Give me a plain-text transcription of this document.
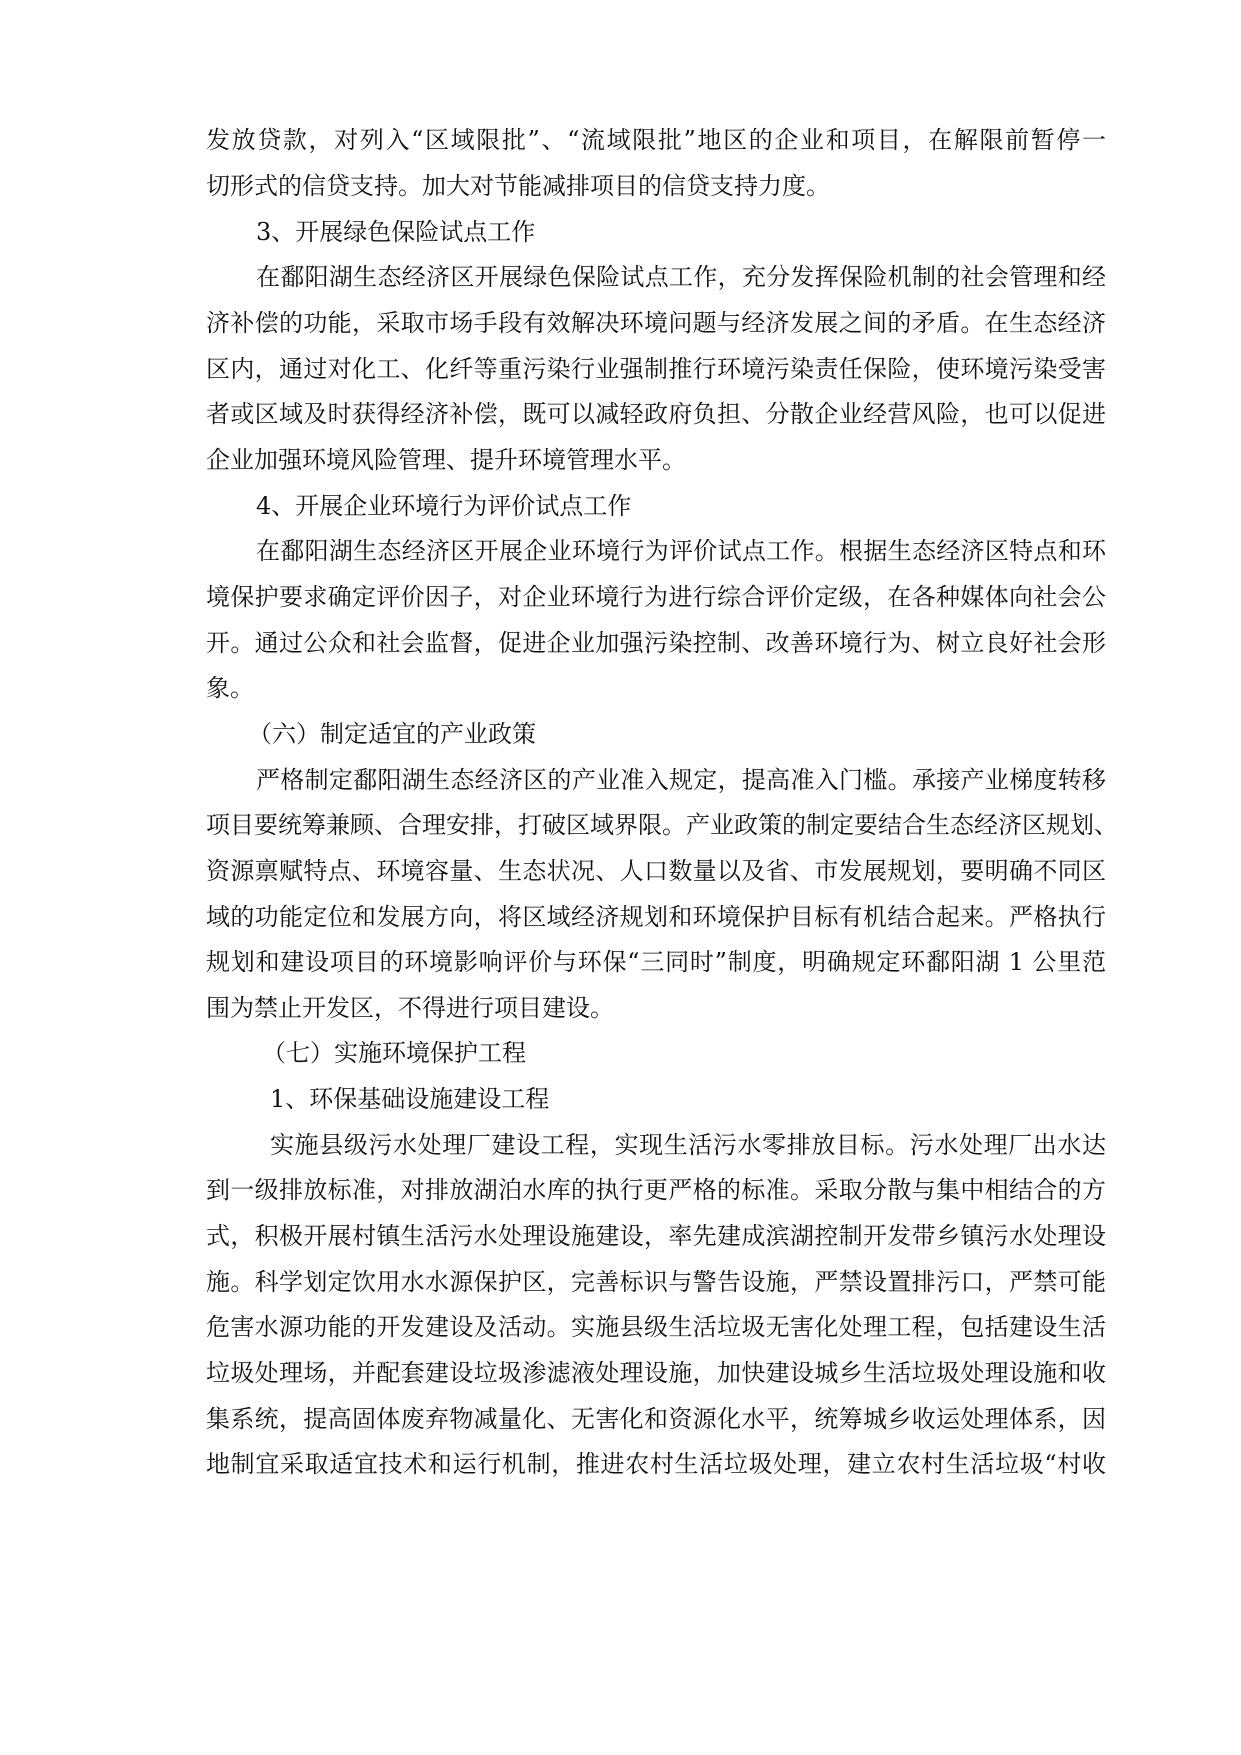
发放贷款，对列入“区域限批”、“流域限批”地区的企业和项目，在解限前暂停一
切形式的信贷支持。加大对节能减排项目的信贷支持力度。
3、开展绿色保险试点工作
在鄱阳湖生态经济区开展绿色保险试点工作，充分发挥保险机制的社会管理和经
济补偿的功能，采取市场手段有效解决环境问题与经济发展之间的矛盾。在生态经济
区内，通过对化工、化纤等重污染行业强制推行环境污染责任保险，使环境污染受害
者或区域及时获得经济补偿，既可以减轻政府负担、分散企业经营风险，也可以促进
企业加强环境风险管理、提升环境管理水平。
4、开展企业环境行为评价试点工作
在鄱阳湖生态经济区开展企业环境行为评价试点工作。根据生态经济区特点和环
境保护要求确定评价因子，对企业环境行为进行综合评价定级，在各种媒体向社会公
开。通过公众和社会监督，促进企业加强污染控制、改善环境行为、树立良好社会形
象。
（六）制定适宜的产业政策
严格制定鄱阳湖生态经济区的产业准入规定，提高准入门槛。承接产业梯度转移
项目要统筹兼顾、合理安排，打破区域界限。产业政策的制定要结合生态经济区规划、
资源禀赋特点、环境容量、生态状况、人口数量以及省、市发展规划，要明确不同区
域的功能定位和发展方向，将区域经济规划和环境保护目标有机结合起来。严格执行
规划和建设项目的环境影响评价与环保“三同时”制度，明确规定环鄱阳湖 1 公里范
围为禁止开发区，不得进行项目建设。
（七）实施环境保护工程
1、环保基础设施建设工程
实施县级污水处理厂建设工程，实现生活污水零排放目标。污水处理厂出水达
到一级排放标准，对排放湖泊水库的执行更严格的标准。采取分散与集中相结合的方
式，积极开展村镇生活污水处理设施建设，率先建成滨湖控制开发带乡镇污水处理设
施。科学划定饮用水水源保护区，完善标识与警告设施，严禁设置排污口，严禁可能
危害水源功能的开发建设及活动。实施县级生活垃圾无害化处理工程，包括建设生活
垃圾处理场，并配套建设垃圾渗滤液处理设施，加快建设城乡生活垃圾处理设施和收
集系统，提高固体废弃物减量化、无害化和资源化水平，统筹城乡收运处理体系，因
地制宜采取适宜技术和运行机制，推进农村生活垃圾处理，建立农村生活垃圾“村收
